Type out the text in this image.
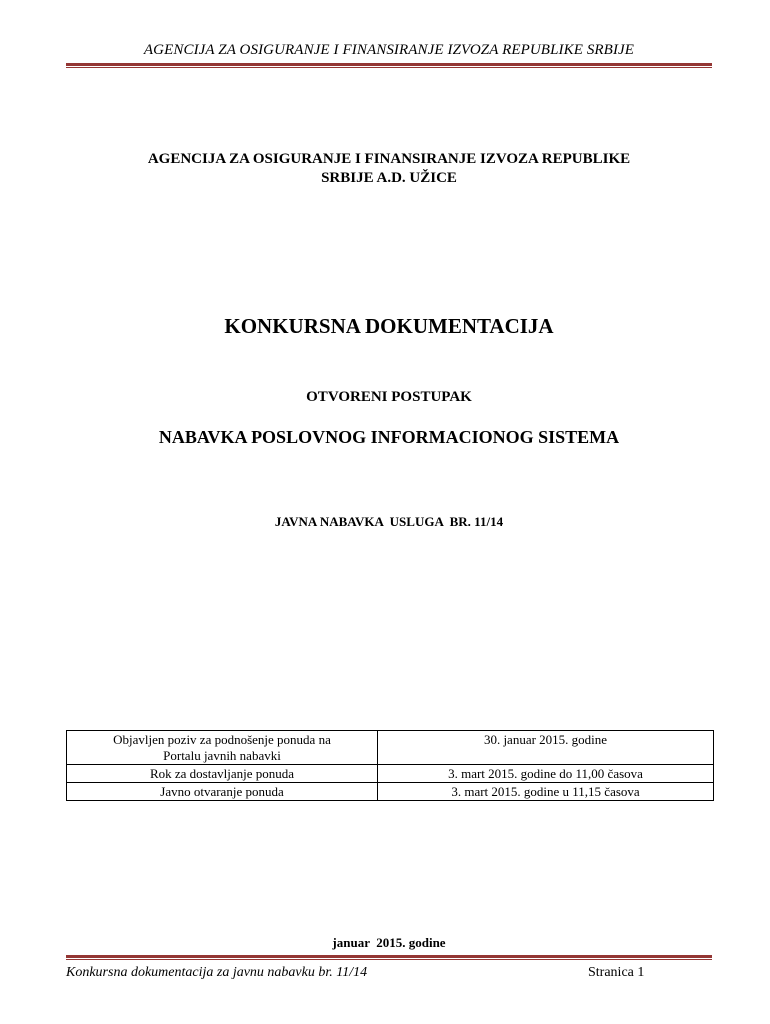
AGENCIJA ZA OSIGURANJE I FINANSIRANJE IZVOZA REPUBLIKE SRBIJE
AGENCIJA ZA OSIGURANJE I FINANSIRANJE IZVOZA REPUBLIKE
SRBIJE A.D. UŽICE
KONKURSNA DOKUMENTACIJA
OTVORENI POSTUPAK
NABAVKA POSLOVNOG INFORMACIONOG SISTEMA
JAVNA NABAVKA  USLUGA  BR. 11/14
Objavljen poziv za podnošenje ponuda na
Portalu javnih nabavki	30. januar 2015. godine
Rok za dostavljanje ponuda	3. mart 2015. godine do 11,00 časova
Javno otvaranje ponuda	3. mart 2015. godine u 11,15 časova
januar  2015. godine
Konkursna dokumentacija za javnu nabavku br. 11/14	Stranica 1
